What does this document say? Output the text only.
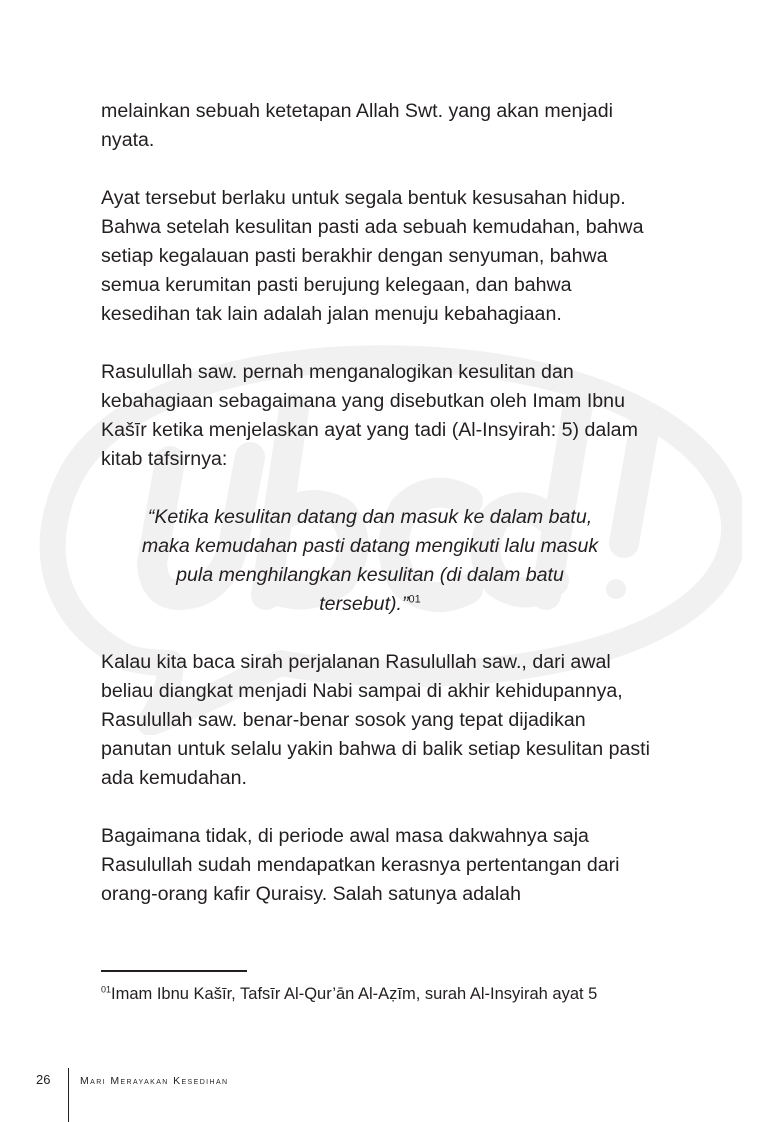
melainkan sebuah ketetapan Allah Swt. yang akan menjadi nyata.

Ayat tersebut berlaku untuk segala bentuk kesusahan hidup. Bahwa setelah kesulitan pasti ada sebuah kemudahan, bahwa setiap kegalauan pasti berakhir dengan senyuman, bahwa semua kerumitan pasti berujung kelegaan, dan bahwa kesedihan tak lain adalah jalan menuju kebahagiaan.

Rasulullah saw. pernah menganalogikan kesulitan dan kebahagiaan sebagaimana yang disebutkan oleh Imam Ibnu Kašīr ketika menjelaskan ayat yang tadi (Al-Insyirah: 5) dalam kitab tafsirnya:

“Ketika kesulitan datang dan masuk ke dalam batu, maka kemudahan pasti datang mengikuti lalu masuk pula menghilangkan kesulitan (di dalam batu tersebut).”$^{01}$

Kalau kita baca sirah perjalanan Rasulullah saw., dari awal beliau diangkat menjadi Nabi sampai di akhir kehidupannya, Rasulullah saw. benar-benar sosok yang tepat dijadikan panutan untuk selalu yakin bahwa di balik setiap kesulitan pasti ada kemudahan.

Bagaimana tidak, di periode awal masa dakwahnya saja Rasulullah sudah mendapatkan kerasnya pertentangan dari orang-orang kafir Quraisy. Salah satunya adalah

$^{01}$Imam Ibnu Kašīr, Tafsīr Al-Qur’ān Al-Aẓīm, surah Al-Insyirah ayat 5
26	Mari Merayakan Kesedihan
